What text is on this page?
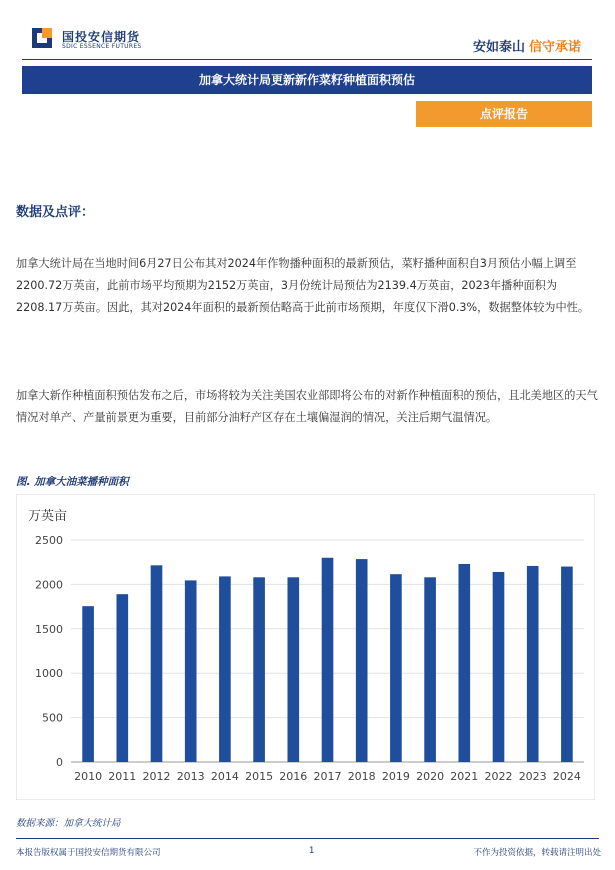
国投安信期货
SDIC ESSENCE FUTURES	安如泰山 信守承诺
加拿大统计局更新新作菜籽种植面积预估
点评报告
数据及点评：

加拿大统计局在当地时间6月27日公布其对2024年作物播种面积的最新预估，菜籽播种面积自3月预估小幅上调至2200.72万英亩，此前市场平均预期为2152万英亩，3月份统计局预估为2139.4万英亩，2023年播种面积为2208.17万英亩。因此，其对2024年面积的最新预估略高于此前市场预期，年度仅下滑0.3%，数据整体较为中性。

加拿大新作种植面积预估发布之后，市场将较为关注美国农业部即将公布的对新作种植面积的预估，且北美地区的天气情况对单产、产量前景更为重要，目前部分油籽产区存在土壤偏湿润的情况，关注后期气温情况。

图. 加拿大油菜播种面积
万英亩
0
500
1000
1500
2000
2500
2010 2011 2012 2013 2014 2015 2016 2017 2018 2019 2020 2021 2022 2023 2024
数据来源：加拿大统计局
本报告版权属于国投安信期货有限公司	1	不作为投资依据，转载请注明出处
